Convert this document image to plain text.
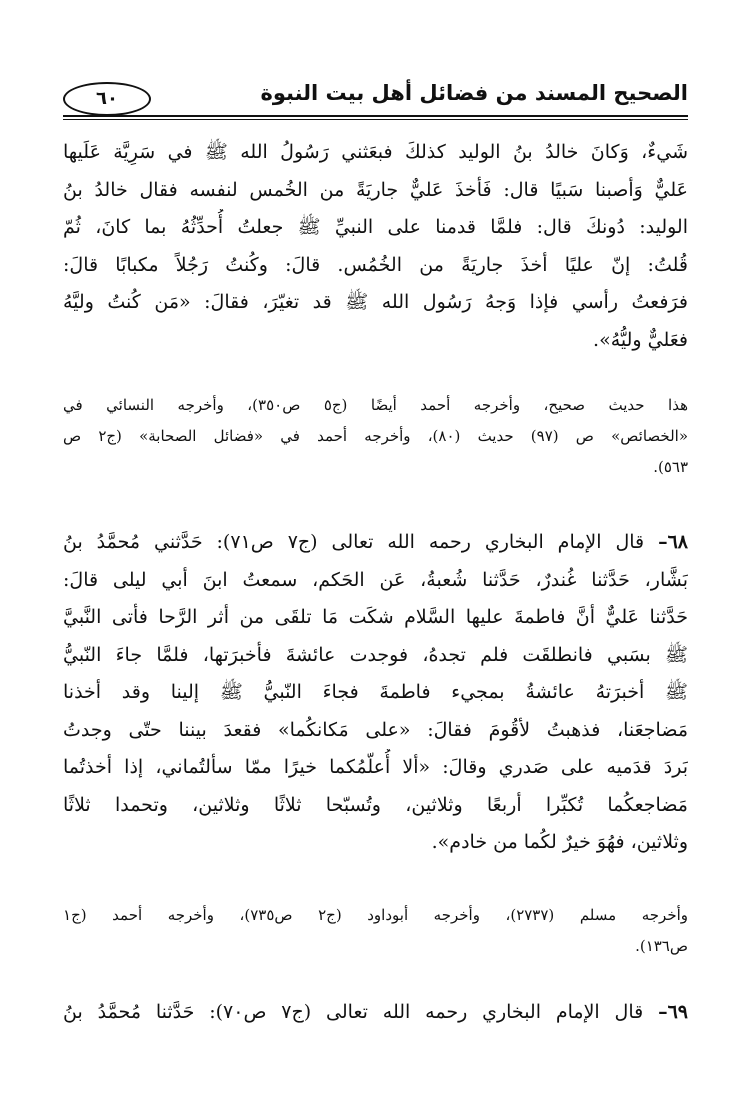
الصحيح المسند من فضائل أهل بيت النبوة
٦٠
شَيءٌ، وَكانَ خالدُ بنُ الوليد كذلكَ فبعَثني رَسُولُ الله ﷺ في سَرِيَّة عَلَيها
عَليٌّ وَأصبنا سَبيًا قال: فَأخذَ عَليٌّ جاريَةً من الخُمس لنفسه فقال خالدُ بنُ
الوليد: دُونكَ قال: فلمَّا قدمنا على النبيِّ ﷺ جعلتُ أُحدِّثُهُ بما كانَ، ثُمّ
قُلتُ: إنّ عليًا أخذَ جاريَةً من الخُمُس. قالَ: وكُنتُ رَجُلاً مكبابًا قالَ:
فرَفعتُ رأسي فإذا وَجهُ رَسُول الله ﷺ قد تغيّرَ، فقالَ: «مَن كُنتُ وليَّهُ
فعَليٌّ وليُّهُ».
هذا حديث صحيح، وأخرجه أحمد أيضًا (ج٥ ص٣٥٠)، وأخرجه النسائي في
«الخصائص» ص (٩٧) حديث (٨٠)، وأخرجه أحمد في «فضائل الصحابة» (ج٢ ص
٥٦٣).
٦٨– قال الإمام البخاري رحمه الله تعالى (ج٧ ص٧١): حَدَّثني مُحمَّدُ بنُ
بَشَّار، حَدَّثنا غُندرٌ، حَدَّثنا شُعبةُ، عَن الحَكم، سمعتُ ابنَ أبي ليلى قالَ:
حَدَّثنا عَليٌّ أنَّ فاطمةَ عليها السَّلام شكَت مَا تلقَى من أثر الرَّحا فأتى النَّبيَّ
ﷺ بسَبي فانطلقَت فلم تجدهُ، فوجدت عائشةَ فأخبرَتها، فلمَّا جاءَ النّبيُّ
ﷺ أخبرَتهُ عائشةُ بمجيء فاطمةَ فجاءَ النّبيُّ ﷺ إلينا وقد أخذنا
مَضاجعَنا، فذهبتُ لأقُومَ فقالَ: «على مَكانكُما» فقعدَ بيننا حتّى وجدتُ
بَردَ قدَميه على صَدري وقالَ: «ألا أُعلّمُكما خيرًا ممّا سألتُماني، إذا أخذتُما
مَضاجعكُما تُكبِّرا أربعًا وثلاثين، وتُسبّحا ثلاثًا وثلاثين، وتحمدا ثلاثًا
وثلاثين، فهُوَ خيرٌ لكُما من خادم».
وأخرجه مسلم (٢٧٣٧)، وأخرجه أبوداود (ج٢ ص٧٣٥)، وأخرجه أحمد (ج١
ص١٣٦).
٦٩– قال الإمام البخاري رحمه الله تعالى (ج٧ ص٧٠): حَدَّثنا مُحمَّدُ بنُ
